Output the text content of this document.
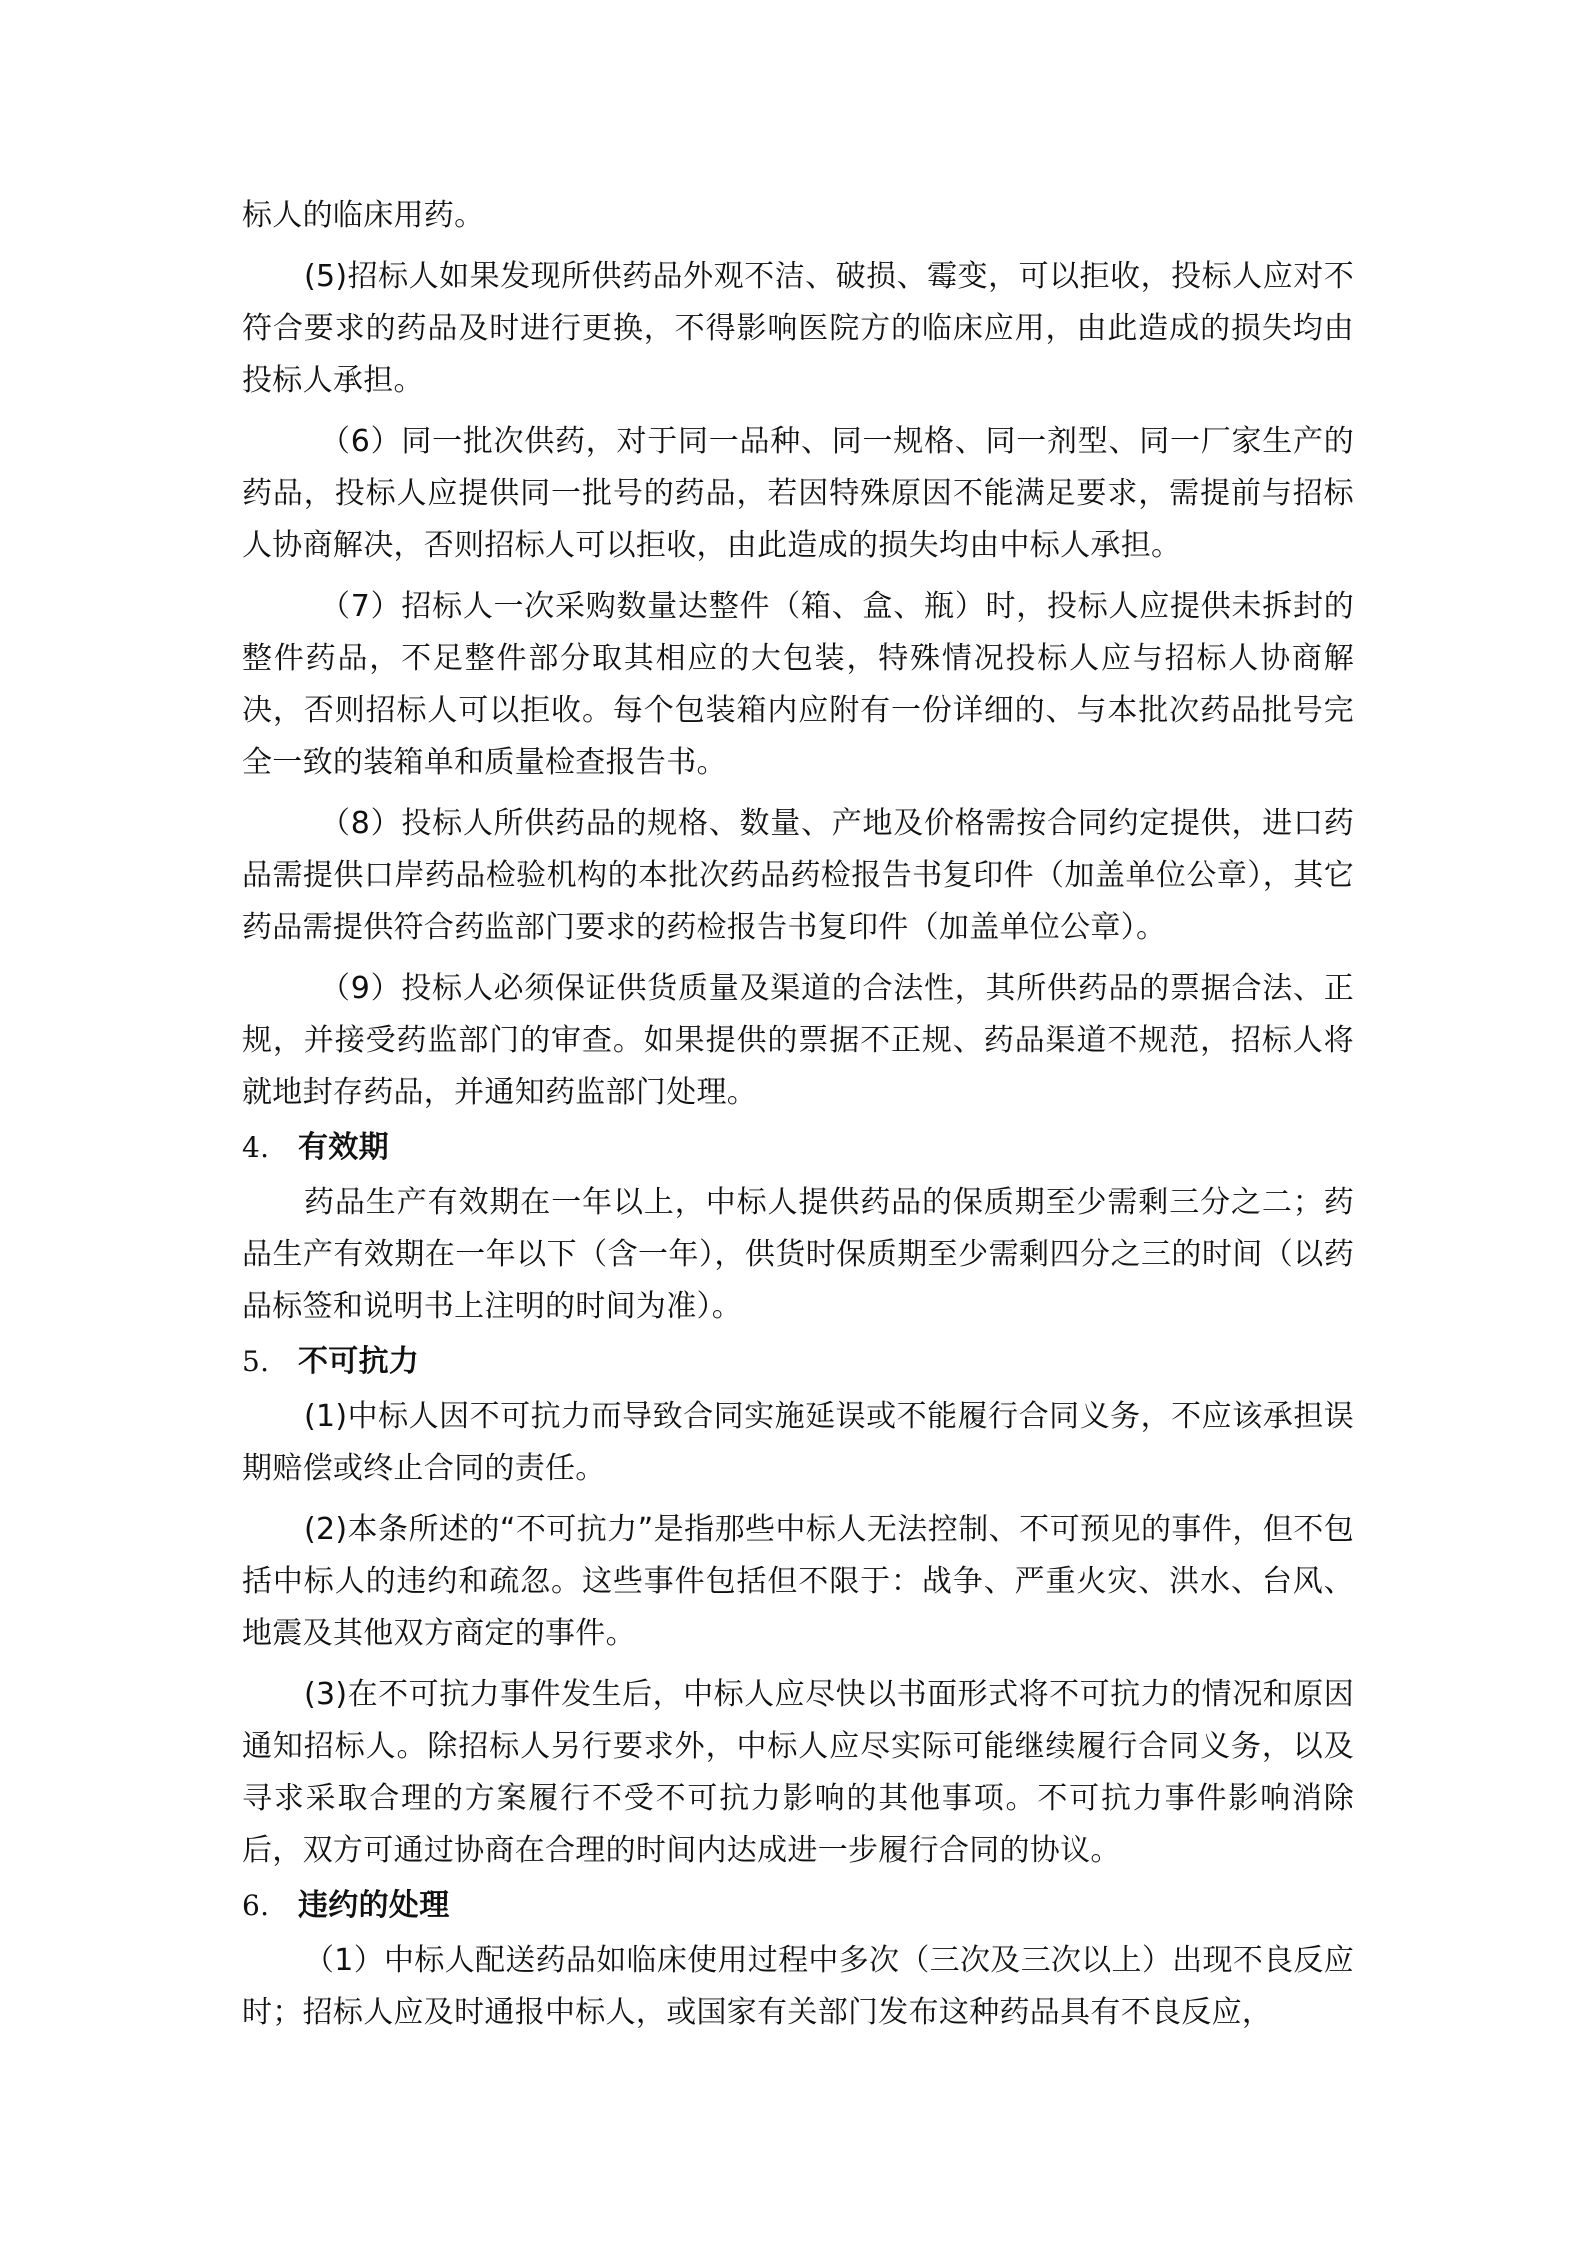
标人的临床用药。

(5)招标人如果发现所供药品外观不洁、破损、霉变，可以拒收，投标人应对不符合要求的药品及时进行更换，不得影响医院方的临床应用，由此造成的损失均由投标人承担。

（6）同一批次供药，对于同一品种、同一规格、同一剂型、同一厂家生产的药品，投标人应提供同一批号的药品，若因特殊原因不能满足要求，需提前与招标人协商解决，否则招标人可以拒收，由此造成的损失均由中标人承担。

（7）招标人一次采购数量达整件（箱、盒、瓶）时，投标人应提供未拆封的整件药品，不足整件部分取其相应的大包装，特殊情况投标人应与招标人协商解决，否则招标人可以拒收。每个包装箱内应附有一份详细的、与本批次药品批号完全一致的装箱单和质量检查报告书。

（8）投标人所供药品的规格、数量、产地及价格需按合同约定提供，进口药品需提供口岸药品检验机构的本批次药品药检报告书复印件（加盖单位公章），其它药品需提供符合药监部门要求的药检报告书复印件（加盖单位公章）。

（9）投标人必须保证供货质量及渠道的合法性，其所供药品的票据合法、正规，并接受药监部门的审查。如果提供的票据不正规、药品渠道不规范，招标人将就地封存药品，并通知药监部门处理。

4. 有效期

药品生产有效期在一年以上，中标人提供药品的保质期至少需剩三分之二；药品生产有效期在一年以下（含一年），供货时保质期至少需剩四分之三的时间（以药品标签和说明书上注明的时间为准）。

5. 不可抗力

(1)中标人因不可抗力而导致合同实施延误或不能履行合同义务，不应该承担误期赔偿或终止合同的责任。

(2)本条所述的“不可抗力”是指那些中标人无法控制、不可预见的事件，但不包括中标人的违约和疏忽。这些事件包括但不限于：战争、严重火灾、洪水、台风、地震及其他双方商定的事件。

(3)在不可抗力事件发生后，中标人应尽快以书面形式将不可抗力的情况和原因通知招标人。除招标人另行要求外，中标人应尽实际可能继续履行合同义务，以及寻求采取合理的方案履行不受不可抗力影响的其他事项。不可抗力事件影响消除后，双方可通过协商在合理的时间内达成进一步履行合同的协议。

6. 违约的处理

（1）中标人配送药品如临床使用过程中多次（三次及三次以上）出现不良反应时；招标人应及时通报中标人，或国家有关部门发布这种药品具有不良反应，
